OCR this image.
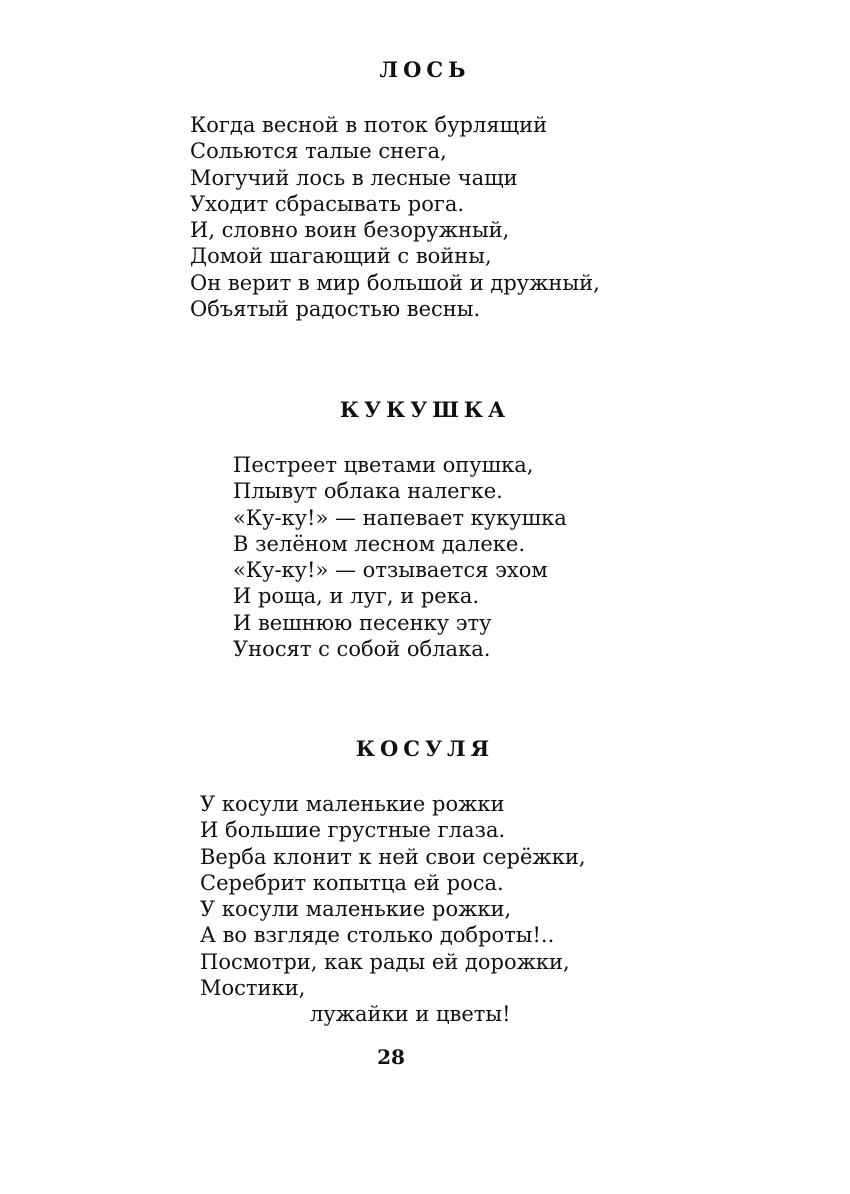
ЛОСЬ
Когда весной в поток бурлящий
Сольются талые снега,
Могучий лось в лесные чащи
Уходит сбрасывать рога.
И, словно воин безоружный,
Домой шагающий с войны,
Он верит в мир большой и дружный,
Объятый радостью весны.
КУКУШКА
Пестреет цветами опушка,
Плывут облака налегке.
«Ку-ку!» — напевает кукушка
В зелёном лесном далеке.
«Ку-ку!» — отзывается эхом
И роща, и луг, и река.
И вешнюю песенку эту
Уносят с собой облака.
КОСУЛЯ
У косули маленькие рожки
И большие грустные глаза.
Верба клонит к ней свои серёжки,
Серебрит копытца ей роса.
У косули маленькие рожки,
А во взгляде столько доброты!..
Посмотри, как рады ей дорожки,
Мостики,
лужайки и цветы!
28
